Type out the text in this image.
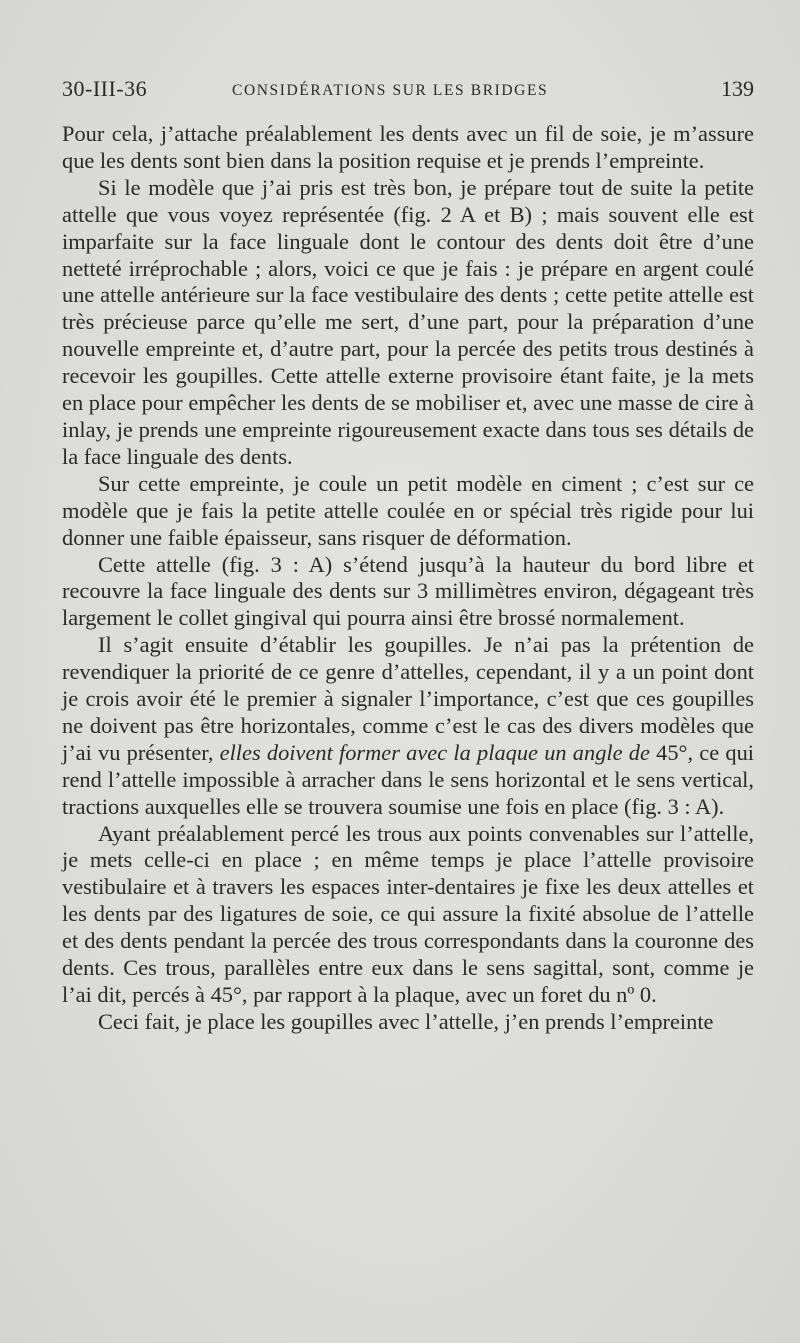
30-III-36	CONSIDÉRATIONS SUR LES BRIDGES	139

Pour cela, j’attache préalablement les dents avec un fil de soie, je m’assure que les dents sont bien dans la position requise et je prends l’empreinte.

Si le modèle que j’ai pris est très bon, je prépare tout de suite la petite attelle que vous voyez représentée (fig. 2 A et B) ; mais souvent elle est imparfaite sur la face linguale dont le contour des dents doit être d’une netteté irréprochable ; alors, voici ce que je fais : je prépare en argent coulé une attelle antérieure sur la face vestibulaire des dents ; cette petite attelle est très précieuse parce qu’elle me sert, d’une part, pour la préparation d’une nouvelle empreinte et, d’autre part, pour la percée des petits trous destinés à recevoir les goupilles. Cette attelle externe provisoire étant faite, je la mets en place pour empêcher les dents de se mobiliser et, avec une masse de cire à inlay, je prends une empreinte rigoureusement exacte dans tous ses détails de la face linguale des dents.

Sur cette empreinte, je coule un petit modèle en ciment ; c’est sur ce modèle que je fais la petite attelle coulée en or spécial très rigide pour lui donner une faible épaisseur, sans risquer de déformation.

Cette attelle (fig. 3 : A) s’étend jusqu’à la hauteur du bord libre et recouvre la face linguale des dents sur 3 millimètres environ, dégageant très largement le collet gingival qui pourra ainsi être brossé normalement.

Il s’agit ensuite d’établir les goupilles. Je n’ai pas la prétention de revendiquer la priorité de ce genre d’attelles, cependant, il y a un point dont je crois avoir été le premier à signaler l’importance, c’est que ces goupilles ne doivent pas être horizontales, comme c’est le cas des divers modèles que j’ai vu présenter, elles doivent former avec la plaque un angle de 45°, ce qui rend l’attelle impossible à arracher dans le sens horizontal et le sens vertical, tractions auxquelles elle se trouvera soumise une fois en place (fig. 3 : A).

Ayant préalablement percé les trous aux points convenables sur l’attelle, je mets celle-ci en place ; en même temps je place l’attelle provisoire vestibulaire et à travers les espaces inter-dentaires je fixe les deux attelles et les dents par des ligatures de soie, ce qui assure la fixité absolue de l’attelle et des dents pendant la percée des trous correspondants dans la couronne des dents. Ces trous, parallèles entre eux dans le sens sagittal, sont, comme je l’ai dit, percés à 45°, par rapport à la plaque, avec un foret du nº 0.

Ceci fait, je place les goupilles avec l’attelle, j’en prends l’empreinte
